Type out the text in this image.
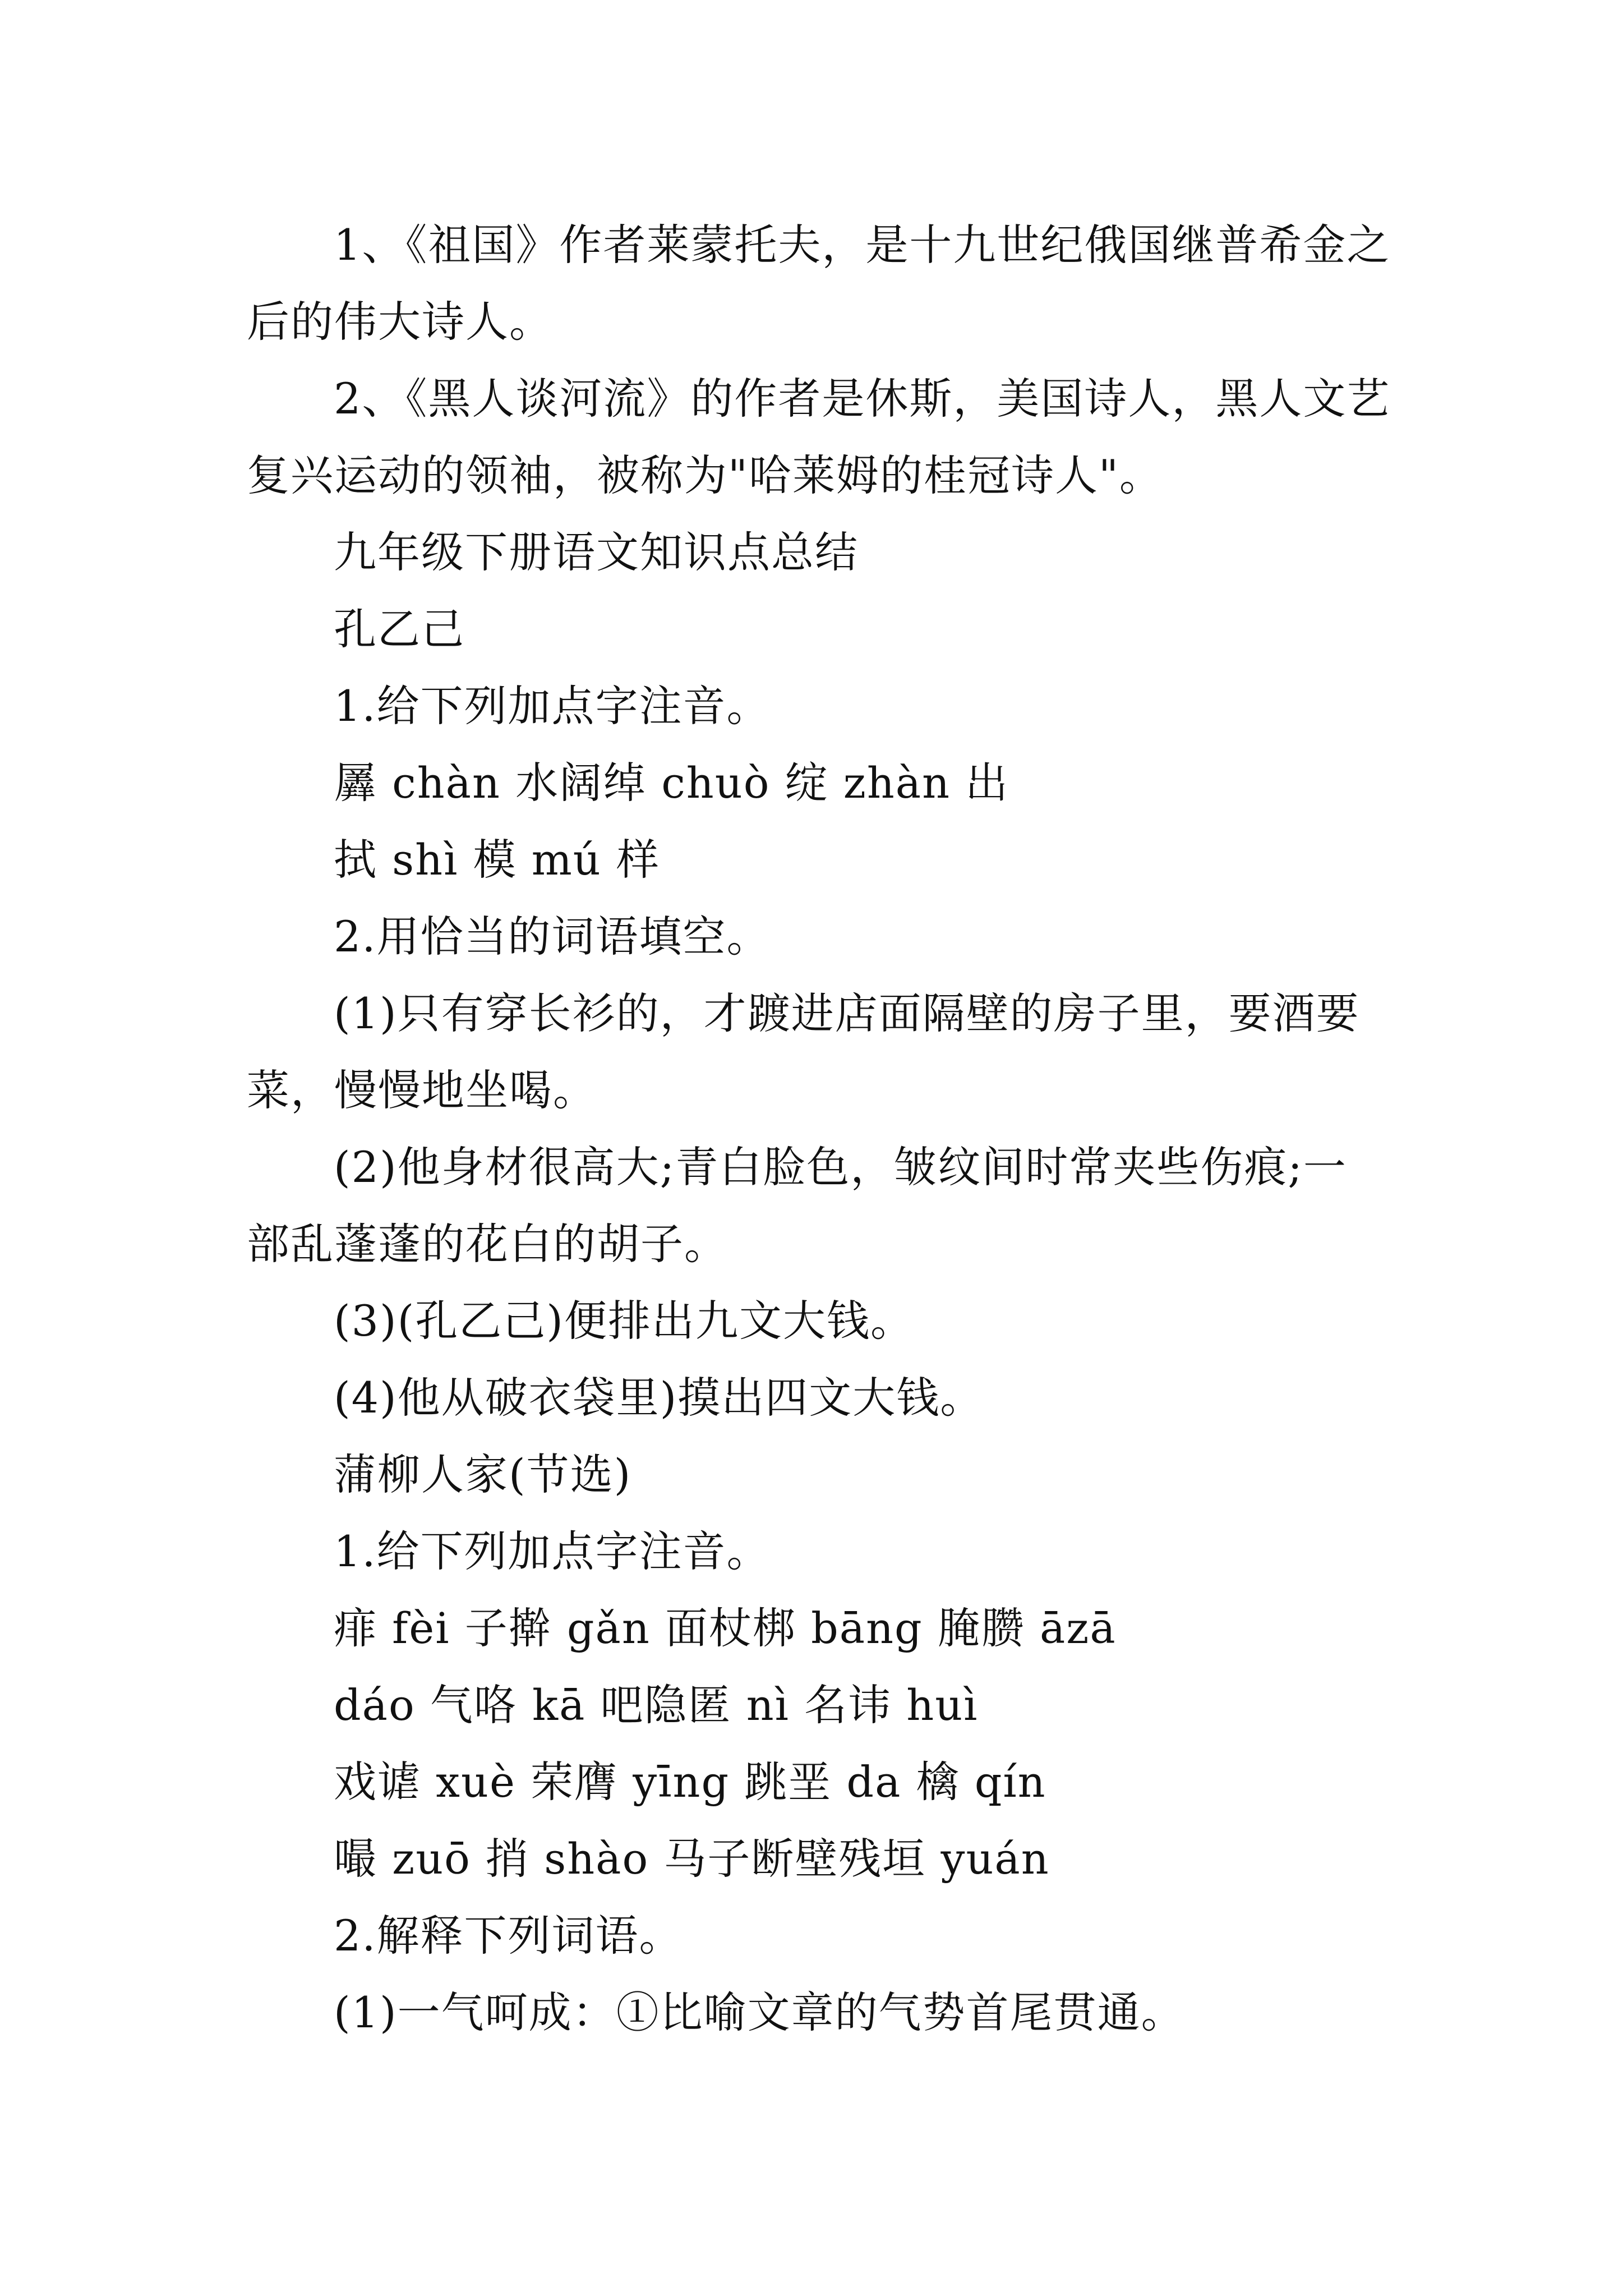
1、《祖国》作者莱蒙托夫，是十九世纪俄国继普希金之
后的伟大诗人。
2、《黑人谈河流》的作者是休斯，美国诗人，黑人文艺
复兴运动的领袖，被称为"哈莱姆的桂冠诗人"。
九年级下册语文知识点总结
孔乙己
1.给下列加点字注音。
羼 chàn 水阔绰 chuò 绽 zhàn 出
拭 shì 模 mú 样
2.用恰当的词语填空。
(1)只有穿长衫的，才踱进店面隔壁的房子里，要酒要
菜，慢慢地坐喝。
(2)他身材很高大;青白脸色，皱纹间时常夹些伤痕;一
部乱蓬蓬的花白的胡子。
(3)(孔乙己)便排出九文大钱。
(4)他从破衣袋里)摸出四文大钱。
蒲柳人家(节选)
1.给下列加点字注音。
痱 fèi 子擀 gǎn 面杖梆 bāng 腌臜 āzā
dáo 气咯 kā 吧隐匿 nì 名讳 huì
戏谑 xuè 荣膺 yīng 跳垩 da 檎 qín
嘬 zuō 捎 shào 马子断壁残垣 yuán
2.解释下列词语。
(1)一气呵成：①比喻文章的气势首尾贯通。
